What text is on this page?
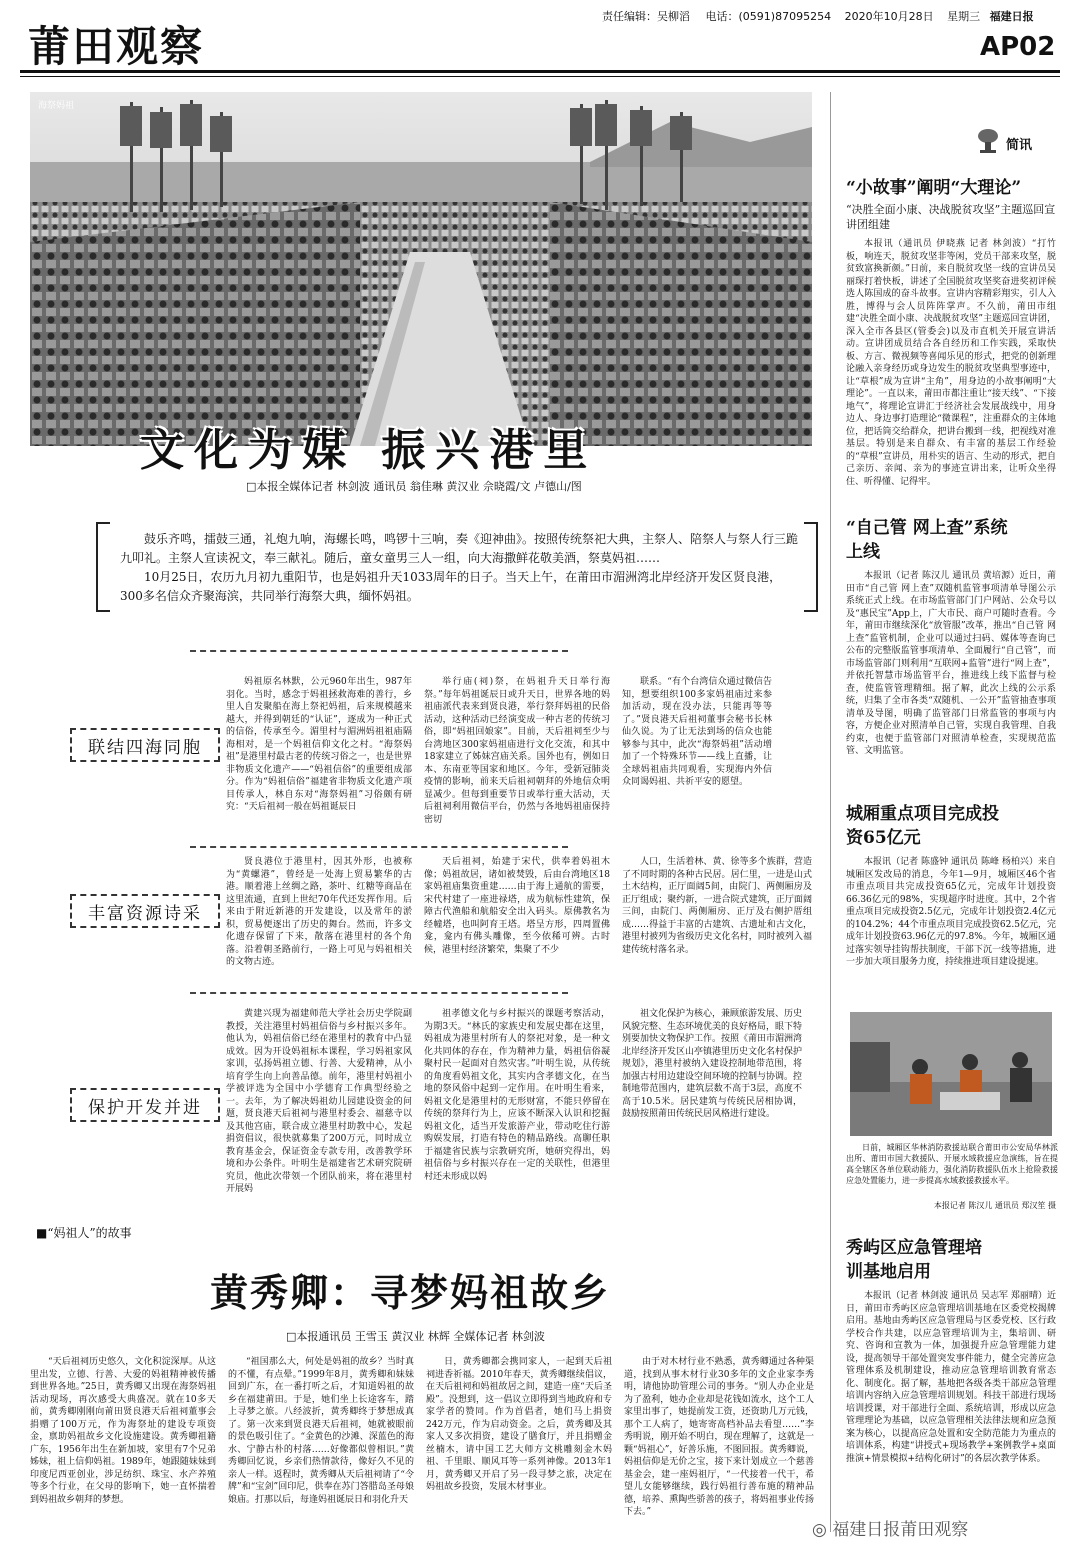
莆田观察
责任编辑：吴柳滔 电话：(0591)87095254 2020年10月28日 星期三 福建日报
AP02
海祭妈祖
文化为媒 振兴港里
□本报全媒体记者 林剑波 通讯员 翁佳琳 黄汉业 佘晓霞/文 卢德山/图

鼓乐齐鸣，擂鼓三通，礼炮九响，海螺长鸣，鸣锣十三响，奏《迎神曲》。按照传统祭祀大典，主祭人、陪祭人与祭人行三跪九叩礼。主祭人宣读祝文，奉三献礼。随后，童女童男三人一组，向大海撒鲜花敬美酒，祭莫妈祖……

10月25日，农历九月初九重阳节，也是妈祖升天1033周年的日子。当天上午，在莆田市湄洲湾北岸经济开发区贤良港，300多名信众齐聚海滨，共同举行海祭大典，缅怀妈祖。

联结四海同胞
妈祖原名林默，公元960年出生，987年羽化。当时，感念于妈祖拯救海难的善行，乡里人自发聚船在海上祭祀妈祖，后来规模越来越大，并得到朝廷的“认证”，逐成为一种正式的信俗，传承至今。湄里村与湄洲妈祖祖庙隔海相对，是一个妈祖信仰文化之村。“海祭妈祖”是港里村最古老的传统习俗之一，也是世界非物质文化遗产——“妈祖信俗”的重要组成部分。作为“妈祖信俗”福建省非物质文化遗产项目传承人，林自东对“海祭妈祖”习俗颇有研究：“天后祖祠一般在妈祖诞辰日
举行庙(祠)祭，在妈祖升天日举行海祭。”每年妈祖诞辰日或升天日，世界各地的妈祖庙派代表来到贤良港，举行祭拜妈祖的民俗活动，这种活动已经演变成一种古老的传统习俗，即“妈祖回娘家”。目前，天后祖祠至少与台湾地区300家妈祖庙进行文化交流，和其中18家建立了姊妹宫庙关系。国外也有，例如日本、东南亚等国家和地区。今年，受新冠肺炎疫情的影响，前来天后祖祠朝拜的外地信众明显减少。但每到重要节日或举行重大活动，天后祖祠利用微信平台，仍然与各地妈祖庙保持密切
联系。“有个台湾信众通过微信告知，想要组织100多家妈祖庙过来参加活动，现在没办法，只能再等等了。”贤良港天后祖祠董事会秘书长林仙久说。为了让无法到场的信众也能够参与其中，此次“海祭妈祖”活动增加了一个特殊环节——线上直播，让全球妈祖庙共同观看，实现海内外信众同谒妈祖、共祈平安的愿望。
丰富资源诗采
贤良港位于港里村，因其外形，也被称为“黄螺港”，曾经是一处海上贸易繁华的古港。顺着港上丝绸之路，茶叶、红糖等商品在这里流通，直到上世纪70年代还发挥作用。后来由于附近新港的开发建设，以及常年的淤积，贸易便逐出了历史的舞台。然而，许多文化遗存保留了下来，散落在港里村的各个角落。沿着朝圣路前行，一路上可见与妈祖相关的文物古迹。
天后祖祠，始建于宋代，供奉着妈祖木像；妈祖故居，诸如被焚毁，后由台湾地区18家妈祖庙集资重建……由于海上通航的需要，宋代村建了一座进禄塔，成为航标性建筑，保障古代渔船和航船安全出入码头。原佛教名为经幢塔，也叫阿育王塔。塔呈方形，四周置佛龛，龛内有佛头雕像，至今依稀可辨。古时候，港里村经济繁荣，集聚了不少
人口，生活着林、黄、徐等多个族群，营造了不同时期的各种古民居。居仁里，一进是山式土木结构，正厅面阔5间，由院门、两侧厢房及正厅组成；聚约新，一进合院式建筑，正厅面阔三间，由院门、两侧厢房、正厅及右侧护厝组成……得益于丰富的古建筑、古遗址和古文化，港里村被列为省级历史文化名村，同时被列入福建传统村落名录。
保护开发并进
黄建兴现为福建师范大学社会历史学院副教授，关注港里村妈祖信俗与乡村振兴多年。他认为，妈祖信俗已经在港里村的教育中凸显成效。因为开设妈祖标本课程，学习妈祖家风家训，弘扬妈祖立德、行善、大爱精神，从小培育学生向上向善品德。前年，港里村妈祖小学被评选为全国中小学德育工作典型经验之一。去年，为了解决妈祖幼儿园建设资金的问题，贤良港天后祖祠与港里村委会、福慈寺以及其他宫庙，联合成立港里村助教中心，发起捐资倡议，很快就募集了200万元，同时成立教育基金会，保证资金专款专用，改善教学环境和办公条件。叶明生是福建省艺术研究院研究员，他此次带领一个团队前来，将在港里村开展妈
祖孝德文化与乡村振兴的课题考察活动，为期3天。“林氏的家族史和发展史都在这里，妈祖成为港里村所有人的祭祀对象，是一种文化共同体的存在，作为精神力量，妈祖信俗凝聚村民一起面对自然灾害。”叶明生说，从传统的角度看妈祖文化，其实内含孝德文化，在当地的祭风俗中起到一定作用。在叶明生看来，妈祖文化是港里村的无形财富，不能只停留在传统的祭拜行为上，应该不断深入认识和挖掘妈祖文化，适当开发旅游产业，带动吃住行游购娱发展，打造有特色的精品路线。高聊任职于福建省民族与宗教研究所，她研究得出，妈祖信俗与乡村振兴存在一定的关联性，但港里村还未形成以妈
祖文化保护为核心，兼顾旅游发展、历史风貌完整、生态环境优美的良好格局，眼下特别要加快文物保护工作。按照《莆田市湄洲湾北岸经济开发区山亭镇港里历史文化名村保护规划》，港里村被纳入建设控制地带范围，将加强古村用边建设空间环境的控制与协调。控制地带范围内，建筑层数不高于3层，高度不高于10.5米。居民建筑与传统民居相协调，鼓励按照莆田传统民居风格进行建设。
■“妈祖人”的故事
黄秀卿：寻梦妈祖故乡
□本报通讯员 王雪玉 黄汉业 林辉 全媒体记者 林剑波
“天后祖祠历史悠久，文化积淀深厚。从这里出发，立德、行善、大爱的妈祖精神被传播到世界各地。”25日，黄秀卿又出现在海祭妈祖活动现场，再次感受大典盛况。就在10多天前，黄秀卿刚刚向莆田贤良港天后祖祠董事会捐赠了100万元，作为海祭址的建设专项资金，禀助妈祖故乡文化设施建设。黄秀卿祖籍广东，1956年出生在新加坡，家里有7个兄弟姊妹，祖上信仰妈祖。1989年，她跟随妹妹到印度尼西亚创业，涉足纺织、珠宝、水产养殖等多个行业，在父母的影响下，她一直怀揣着到妈祖故乡朝拜的梦想。
“祖国那么大，何处是妈祖的故乡？当时真的不懂，有点晕。”1999年8月，黄秀卿和妹妹回到广东，在一番打听之后，才知道妈祖的故乡在福建莆田。于是，她们坐上长途客车，踏上寻梦之旅。八经波折，黄秀卿终于梦想成真了。第一次来到贤良港天后祖祠，她就被眼前的景色吸引住了。“金黄色的沙滩、深蓝色的海水、宁静古朴的村落……好像都似曾相识。”黄秀卿回忆说，乡亲们热情款待，像好久不见的亲人一样。返程时，黄秀卿从天后祖祠请了“令牌”和“宝剑”回印尼，供奉在苏门答腊岛圣母娘娘庙。打那以后，每逢妈祖诞辰日和羽化升天
日，黄秀卿都会携同家人，一起到天后祖祠进香祈福。2010年春天，黄秀卿继续倡议，在天后祖祠和妈祖故居之间，建造一座“天后圣殿”。没想到，这一倡议立即得到当地政府和专家学者的赞同。作为首倡者，她们马上捐资242万元，作为启动资金。之后，黄秀卿及其家人又多次捐资，建设了膳食厅，并且捐赠金丝楠木，请中国工艺大师方文桃雕刻金木妈祖、千里眼、顺风耳等一系列神像。2013年1月，黄秀卿又开启了另一段寻梦之旅，决定在妈祖故乡投资，发展木材事业。
由于对木材行业不熟悉，黄秀卿通过各种渠道，找到从事木材行业30多年的文企业家李秀明，请他协助管理公司的事务。“别人办企业是为了盈利，她办企业却是花钱如流水，这个工人家里出事了，她提前发工资，还资助几万元钱，那个工人病了，她寄寄高档补品去看望……”李秀明说，刚开始不明白，现在理解了，这就是一颗“妈祖心”，好善乐施，不图回报。黄秀卿说，妈祖信仰是无价之宝，接下来计划成立一个慈善基金会，建一座妈祖厅，“一代接着一代干，希望儿女能够继续，践行妈祖行善布施的精神品德，培养、熏陶些骄善的孩子，将妈祖事业传扬下去。”
简讯
“小故事”阐明“大理论”
“决胜全面小康、决战脱贫攻坚”主题巡回宣讲团组建
本报讯（通讯员 伊晓燕 记者 林剑波）“打竹板，响连天，脱贫攻坚非等闲，党员干部来攻坚，脱贫致富换新颜。”日前，来自脱贫攻坚一线的宣讲员吴丽琛打着快板，讲述了全国脱贫攻坚奖奋进奖初评候选人陈国成的奋斗故事。宣讲内容精彩翔实，引人入胜，博得与会人员阵阵掌声。不久前，莆田市组建“决胜全面小康、决战脱贫攻坚”主题巡回宣讲团，深入全市各县区(管委会)以及市直机关开展宣讲活动。宣讲团成员结合各自经历和工作实践，采取快板、方言、微视频等喜闻乐见的形式，把党的创新理论融入亲身经历或身边发生的脱贫攻坚典型事迹中，让“草根”成为宣讲“主角”，用身边的小故事阐明“大理论”。一直以来，莆田市都注重让“接天线”、“下接地气”，将理论宣讲汇于经济社会发展战线中，用身边人、身边事打造理论“微课程”，注重群众的主体地位，把话筒交给群众，把讲台搬到一线，把视线对准基层。特别是来自群众、有丰富的基层工作经验的“草根”宣讲员，用朴实的语言、生动的形式，把自己亲历、亲闻、亲为的事迹宣讲出来，让听众坐得住、听得懂、记得牢。
“自己管 网上查”系统上线
本报讯（记者 陈汉儿 通讯员 黄培源）近日，莆田市“自己管 网上查”双随机监管事项清单导图公示系统正式上线。在市场监管部门门户网站、公众号以及“惠民宝”App上，广大市民、商户可随时查看。今年，莆田市继续深化“放管服”改革，推出“自己管 网上查”监管机制，企业可以通过扫码、媒体等查询已公布的完整版监管事项清单、全面履行“自己管”，而市场监管部门则利用“互联网+监管”进行“网上查”，并依托智慧市场监管平台，推进线上线下监督与检查，使监管管理精细。据了解，此次上线的公示系统，归集了全市各类“双随机、一公开”监管抽查事项清单及导图，明确了监管部门日常监管的事项与内容，方便企业对照清单自己管，实现自我管理、自我约束，也便于监管部门对照清单检查，实现规范监管、文明监管。
城厢重点项目完成投资65亿元
本报讯（记者 陈盛钟 通讯员 陈峰 杨柏兴）来自城厢区发改局的消息，今年1—9月，城厢区46个省市重点项目共完成投资65亿元，完成年计划投资66.36亿元的98%，实现超序时进度。其中，2个省重点项目完成投资2.5亿元，完成年计划投资2.4亿元的104.2%；44个市重点项目完成投资62.5亿元，完成年计划投资63.96亿元的97.8%。今年，城厢区通过落实领导挂钩帮扶制度，干部下沉一线等措施，进一步加大项目服务力度，持续推进项目建设提速。
日前，城厢区华林消防救援站联合莆田市公安局华林派出所、莆田市国大救援队、开展水域救援应急演练，旨在提高全辖区各单位联动能力，强化消防救援队伍水上抢险救援应急处置能力，进一步提高水域救援救援水平。
本报记者 陈汉儿 通讯员 郑汉笙 摄
秀屿区应急管理培训基地启用
本报讯（记者 林剑波 通讯员 吴志军 郑丽晴）近日，莆田市秀屿区应急管理培训基地在区委党校揭牌启用。基地由秀屿区应急管理局与区委党校、区行政学校合作共建，以应急管理培训为主，集培训、研究、咨询和宣教为一体，加强提升应急管理能力建设，提高领导干部处置突发事件能力，健全完善应急管理体系及机制建设，推动应急管理培训教育常态化、制度化。据了解，基地把各级各类干部应急管理培训内容纳入应急管理培训规划。科技干部进行现场培训授课，对干部进行全面、系统培训，形成以应急管理理论为基础，以应急管理相关法律法规和应急预案为核心，以提高应急处置和安全防范能力为重点的培训体系，构建“讲授式+现场教学+案例教学+桌面推演+情景模拟+结构化研讨”的各层次教学体系。
◎ 福建日报莆田观察
